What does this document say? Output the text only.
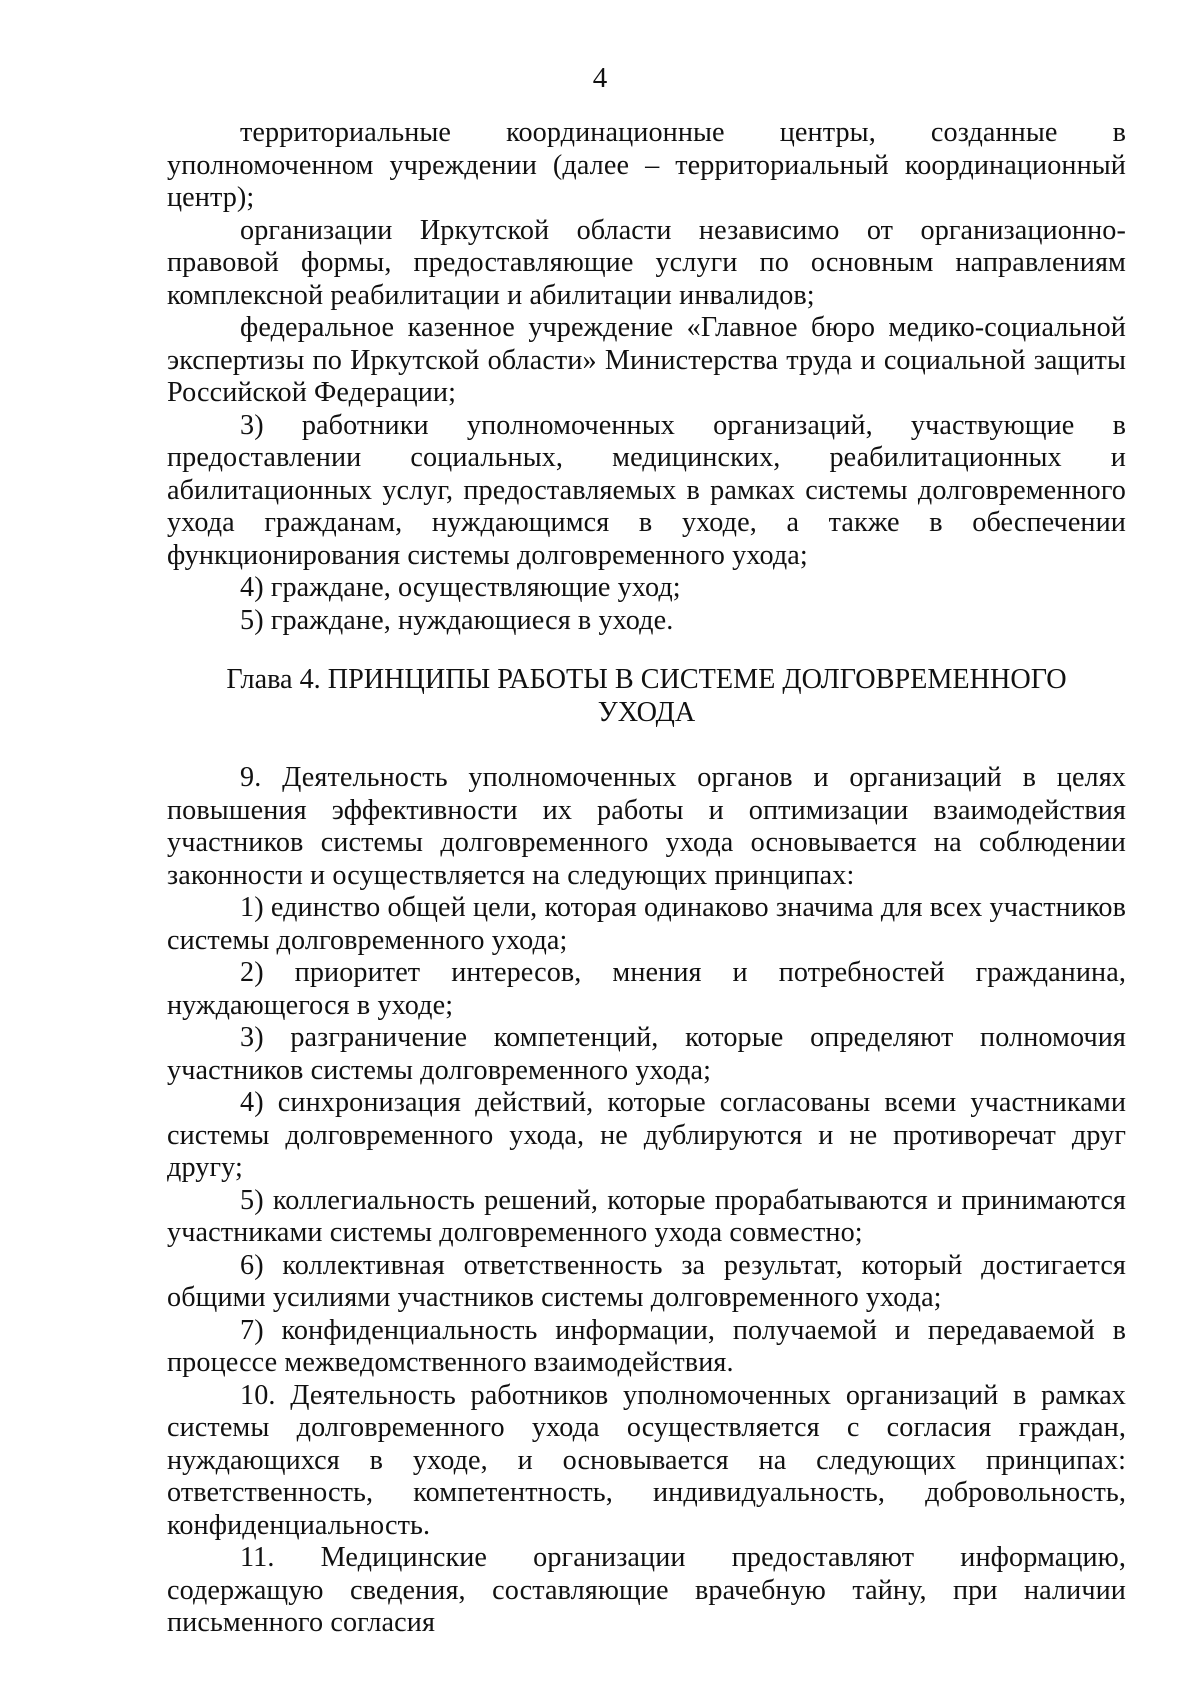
4

территориальные координационные центры, созданные в уполномоченном учреждении (далее – территориальный координационный центр);

организации Иркутской области независимо от организационно-правовой формы, предоставляющие услуги по основным направлениям комплексной реабилитации и абилитации инвалидов;

федеральное казенное учреждение «Главное бюро медико-социальной экспертизы по Иркутской области» Министерства труда и социальной защиты Российской Федерации;

3) работники уполномоченных организаций, участвующие в предоставлении социальных, медицинских, реабилитационных и абилитационных услуг, предоставляемых в рамках системы долговременного ухода гражданам, нуждающимся в уходе, а также в обеспечении функционирования системы долговременного ухода;

4) граждане, осуществляющие уход;

5) граждане, нуждающиеся в уходе.

Глава 4. ПРИНЦИПЫ РАБОТЫ В СИСТЕМЕ ДОЛГОВРЕМЕННОГО
УХОДА

9. Деятельность уполномоченных органов и организаций в целях повышения эффективности их работы и оптимизации взаимодействия участников системы долговременного ухода основывается на соблюдении законности и осуществляется на следующих принципах:

1) единство общей цели, которая одинаково значима для всех участников системы долговременного ухода;

2) приоритет интересов, мнения и потребностей гражданина, нуждающегося в уходе;

3) разграничение компетенций, которые определяют полномочия участников системы долговременного ухода;

4) синхронизация действий, которые согласованы всеми участниками системы долговременного ухода, не дублируются и не противоречат друг другу;

5) коллегиальность решений, которые прорабатываются и принимаются участниками системы долговременного ухода совместно;

6) коллективная ответственность за результат, который достигается общими усилиями участников системы долговременного ухода;

7) конфиденциальность информации, получаемой и передаваемой в процессе межведомственного взаимодействия.

10. Деятельность работников уполномоченных организаций в рамках системы долговременного ухода осуществляется с согласия граждан, нуждающихся в уходе, и основывается на следующих принципах: ответственность, компетентность, индивидуальность, добровольность, конфиденциальность.

11. Медицинские организации предоставляют информацию, содержащую сведения, составляющие врачебную тайну, при наличии письменного согласия
